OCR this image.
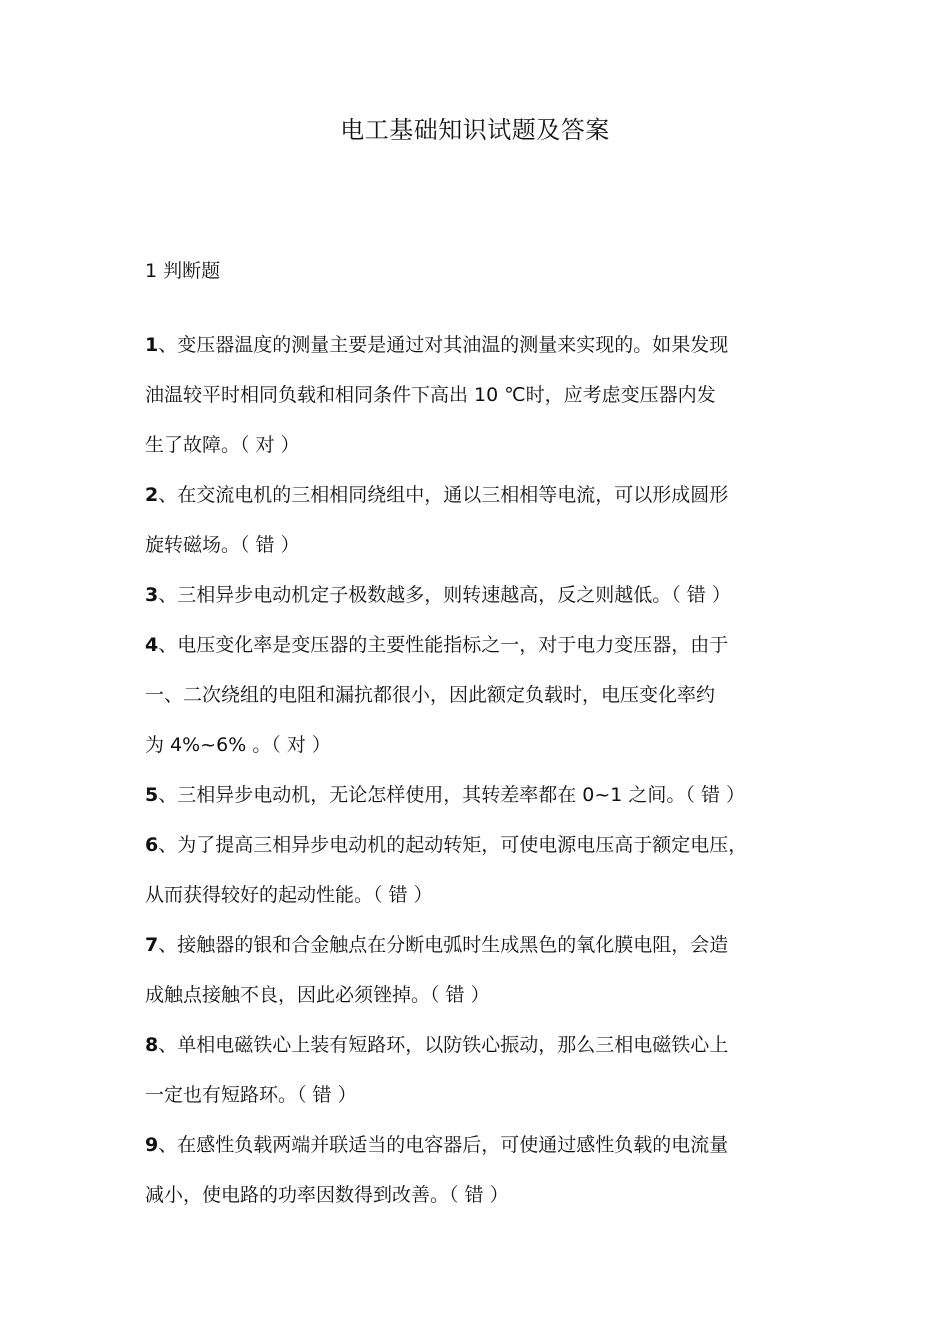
电工基础知识试题及答案
1 判断题

1、变压器温度的测量主要是通过对其油温的测量来实现的。如果发现

油温较平时相同负载和相同条件下高出 10 ℃时，应考虑变压器内发

生了故障。（ 对 ）

2、在交流电机的三相相同绕组中，通以三相相等电流，可以形成圆形

旋转磁场。（ 错 ）

3、三相异步电动机定子极数越多，则转速越高，反之则越低。（ 错 ）

4、电压变化率是变压器的主要性能指标之一，对于电力变压器，由于

一、二次绕组的电阻和漏抗都很小，因此额定负载时，电压变化率约

为 4%~6% 。（ 对 ）

5、三相异步电动机，无论怎样使用，其转差率都在 0~1 之间。（ 错 ）

6、为了提高三相异步电动机的起动转矩，可使电源电压高于额定电压，

从而获得较好的起动性能。（ 错 ）

7、接触器的银和合金触点在分断电弧时生成黑色的氧化膜电阻，会造

成触点接触不良，因此必须锉掉。（ 错 ）

8、单相电磁铁心上装有短路环，以防铁心振动，那么三相电磁铁心上

一定也有短路环。（ 错 ）

9、在感性负载两端并联适当的电容器后，可使通过感性负载的电流量

减小，使电路的功率因数得到改善。（ 错 ）
